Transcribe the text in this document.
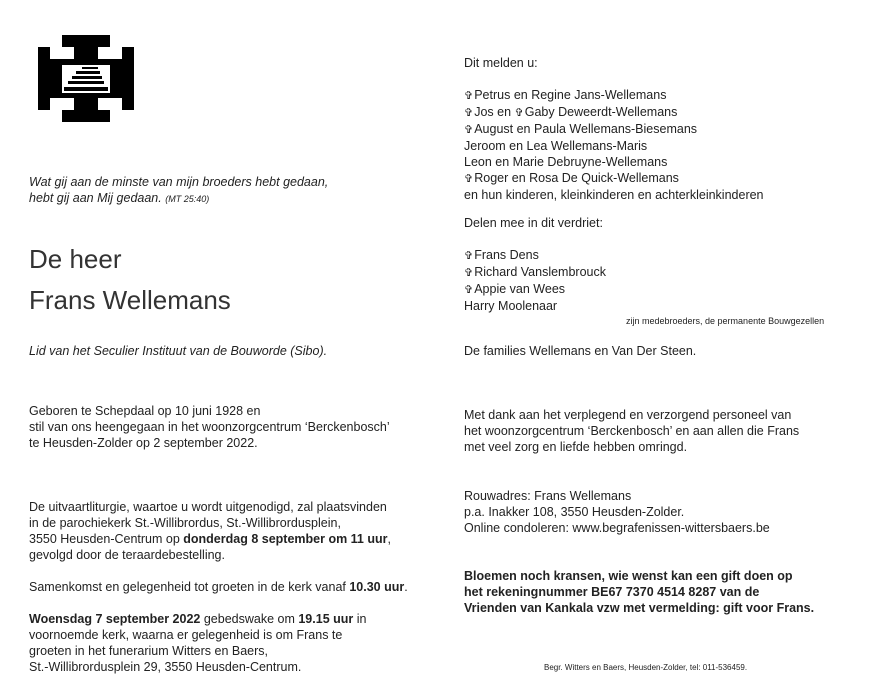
Wat gij aan de minste van mijn broeders hebt gedaan,
hebt gij aan Mij gedaan. (MT 25:40)
De heer
Frans Wellemans
Lid van het Seculier Instituut van de Bouworde (Sibo).
Geboren te Schepdaal op 10 juni 1928 en
stil van ons heengegaan in het woonzorgcentrum ‘Berckenbosch’
te Heusden-Zolder op 2 september 2022.
De uitvaartliturgie, waartoe u wordt uitgenodigd, zal plaatsvinden
in de parochiekerk St.-Willibrordus, St.-Willibrordusplein,
3550 Heusden-Centrum op donderdag 8 september om 11 uur,
gevolgd door de teraardebestelling.
Samenkomst en gelegenheid tot groeten in de kerk vanaf 10.30 uur.
Woensdag 7 september 2022 gebedswake om 19.15 uur in
voornoemde kerk, waarna er gelegenheid is om Frans te
groeten in het funerarium Witters en Baers,
St.-Willibrordusplein 29, 3550 Heusden-Centrum.
Dit melden u:
✞ Petrus en Regine Jans-Wellemans
✞ Jos en ✞ Gaby Deweerdt-Wellemans
✞ August en Paula Wellemans-Biesemans
Jeroom en Lea Wellemans-Maris
Leon en Marie Debruyne-Wellemans
✞ Roger en Rosa De Quick-Wellemans
en hun kinderen, kleinkinderen en achterkleinkinderen
Delen mee in dit verdriet:
✞ Frans Dens
✞ Richard Vanslembrouck
✞ Appie van Wees
Harry Moolenaar
zijn medebroeders, de permanente Bouwgezellen
De families Wellemans en Van Der Steen.
Met dank aan het verplegend en verzorgend personeel van
het woonzorgcentrum ‘Berckenbosch’ en aan allen die Frans
met veel zorg en liefde hebben omringd.
Rouwadres: Frans Wellemans
p.a. Inakker 108, 3550 Heusden-Zolder.
Online condoleren: www.begrafenissen-wittersbaers.be
Bloemen noch kransen, wie wenst kan een gift doen op
het rekeningnummer BE67 7370 4514 8287 van de
Vrienden van Kankala vzw met vermelding: gift voor Frans.
Begr. Witters en Baers, Heusden-Zolder, tel: 011-536459.
